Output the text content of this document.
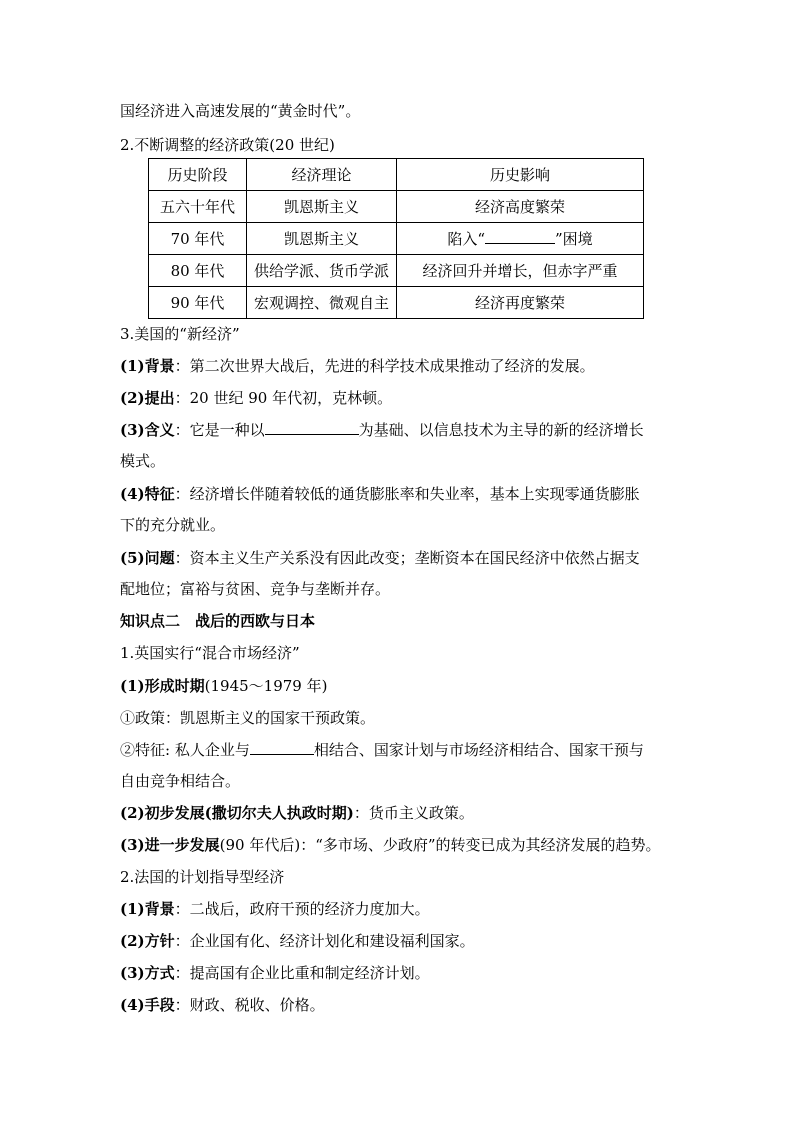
国经济进入高速发展的“黄金时代”。
2.不断调整的经济政策(20 世纪)
历史阶段	经济理论	历史影响
五六十年代	凯恩斯主义	经济高度繁荣
70 年代	凯恩斯主义	陷入“ ”困境
80 年代	供给学派、货币学派	经济回升并增长，但赤字严重
90 年代	宏观调控、微观自主	经济再度繁荣
3.美国的“新经济”
(1)背景：第二次世界大战后，先进的科学技术成果推动了经济的发展。
(2)提出：20 世纪 90 年代初，克林顿。
(3)含义：它是一种以	为基础、以信息技术为主导的新的经济增长
模式。
(4)特征：经济增长伴随着较低的通货膨胀率和失业率，基本上实现零通货膨胀
下的充分就业。
(5)问题：资本主义生产关系没有因此改变；垄断资本在国民经济中依然占据支
配地位；富裕与贫困、竞争与垄断并存。
知识点二　战后的西欧与日本
1.英国实行“混合市场经济”
(1)形成时期(1945～1979 年)
①政策：凯恩斯主义的国家干预政策。
②特征: 私人企业与	相结合、国家计划与市场经济相结合、国家干预与
自由竞争相结合。
(2)初步发展(撒切尔夫人执政时期)：货币主义政策。
(3)进一步发展(90 年代后)：“多市场、少政府”的转变已成为其经济发展的趋势。
2.法国的计划指导型经济
(1)背景：二战后，政府干预的经济力度加大。
(2)方针：企业国有化、经济计划化和建设福利国家。
(3)方式：提高国有企业比重和制定经济计划。
(4)手段：财政、税收、价格。
